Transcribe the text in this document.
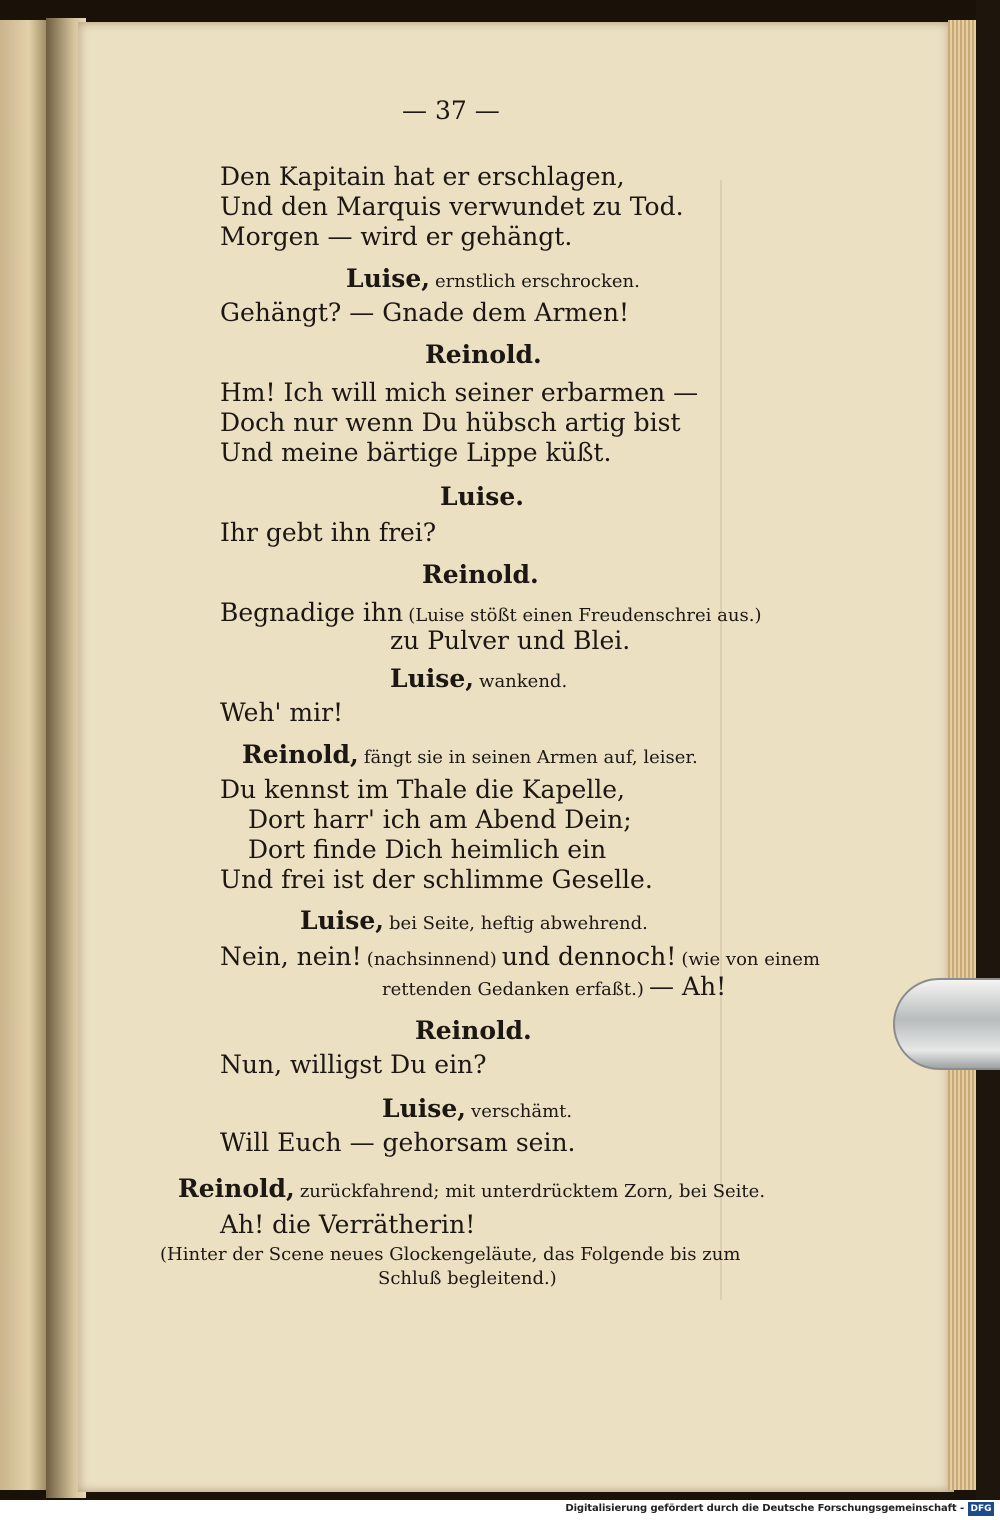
— 37 —
Den Kapitain hat er erschlagen,
Und den Marquis verwundet zu Tod.
Morgen — wird er gehängt.
Luise, ernstlich erschrocken.
Gehängt? — Gnade dem Armen!
Reinold.
Hm! Ich will mich seiner erbarmen —
Doch nur wenn Du hübsch artig bist
Und meine bärtige Lippe küßt.
Luise.
Ihr gebt ihn frei?
Reinold.
Begnadige ihn (Luise stößt einen Freudenschrei aus.)
zu Pulver und Blei.
Luise, wankend.
Weh' mir!
Reinold, fängt sie in seinen Armen auf, leiser.
Du kennst im Thale die Kapelle,
Dort harr' ich am Abend Dein;
Dort finde Dich heimlich ein
Und frei ist der schlimme Geselle.
Luise, bei Seite, heftig abwehrend.
Nein, nein! (nachsinnend) und dennoch! (wie von einem
rettenden Gedanken erfaßt.) — Ah!
Reinold.
Nun, willigst Du ein?
Luise, verschämt.
Will Euch — gehorsam sein.
Reinold, zurückfahrend; mit unterdrücktem Zorn, bei Seite.
Ah! die Verrätherin!
(Hinter der Scene neues Glockengeläute, das Folgende bis zum
Schluß begleitend.)
Digitalisierung gefördert durch die Deutsche Forschungsgemeinschaft - DFG
